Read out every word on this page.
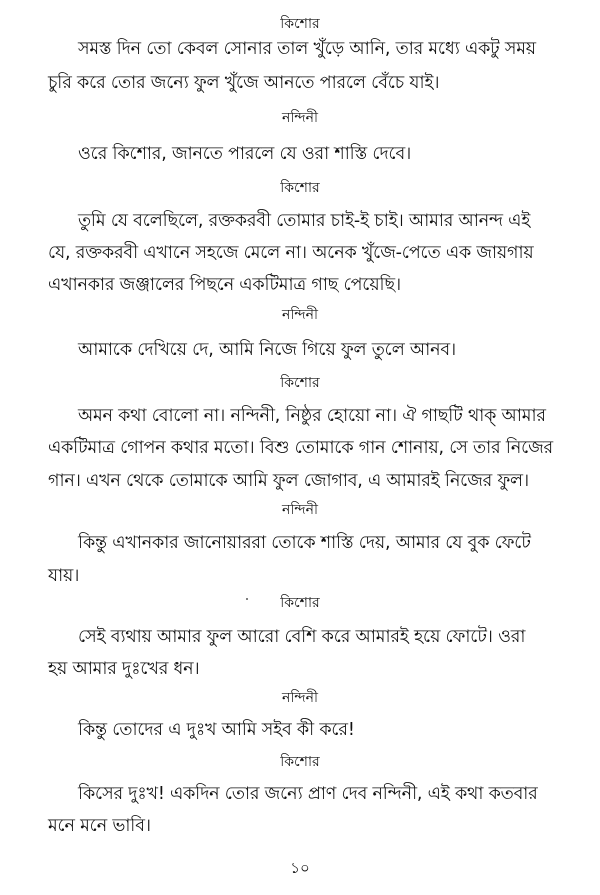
কিশোর
সমস্ত দিন তো কেবল সোনার তাল খুঁড়ে আনি, তার মধ্যে একটু সময়
চুরি করে তোর জন্যে ফুল খুঁজে আনতে পারলে বেঁচে যাই।
নন্দিনী
ওরে কিশোর, জানতে পারলে যে ওরা শাস্তি দেবে।
কিশোর
তুমি যে বলেছিলে, রক্তকরবী তোমার চাই-ই চাই। আমার আনন্দ এই
যে, রক্তকরবী এখানে সহজে মেলে না। অনেক খুঁজে-পেতে এক জায়গায়
এখানকার জঞ্জালের পিছনে একটিমাত্র গাছ পেয়েছি।
নন্দিনী
আমাকে দেখিয়ে দে, আমি নিজে গিয়ে ফুল তুলে আনব।
কিশোর
অমন কথা বোলো না। নন্দিনী, নিষ্ঠুর হোয়ো না। ঐ গাছটি থাক্ আমার
একটিমাত্র গোপন কথার মতো। বিশু তোমাকে গান শোনায়, সে তার নিজের
গান। এখন থেকে তোমাকে আমি ফুল জোগাব, এ আমারই নিজের ফুল।
নন্দিনী
কিন্তু এখানকার জানোয়াররা তোকে শাস্তি দেয়, আমার যে বুক ফেটে
যায়।
কিশোর
সেই ব্যথায় আমার ফুল আরো বেশি করে আমারই হয়ে ফোটে। ওরা
হয় আমার দুঃখের ধন।
নন্দিনী
কিন্তু তোদের এ দুঃখ আমি সইব কী করে!
কিশোর
কিসের দুঃখ! একদিন তোর জন্যে প্রাণ দেব নন্দিনী, এই কথা কতবার
মনে মনে ভাবি।
১০
